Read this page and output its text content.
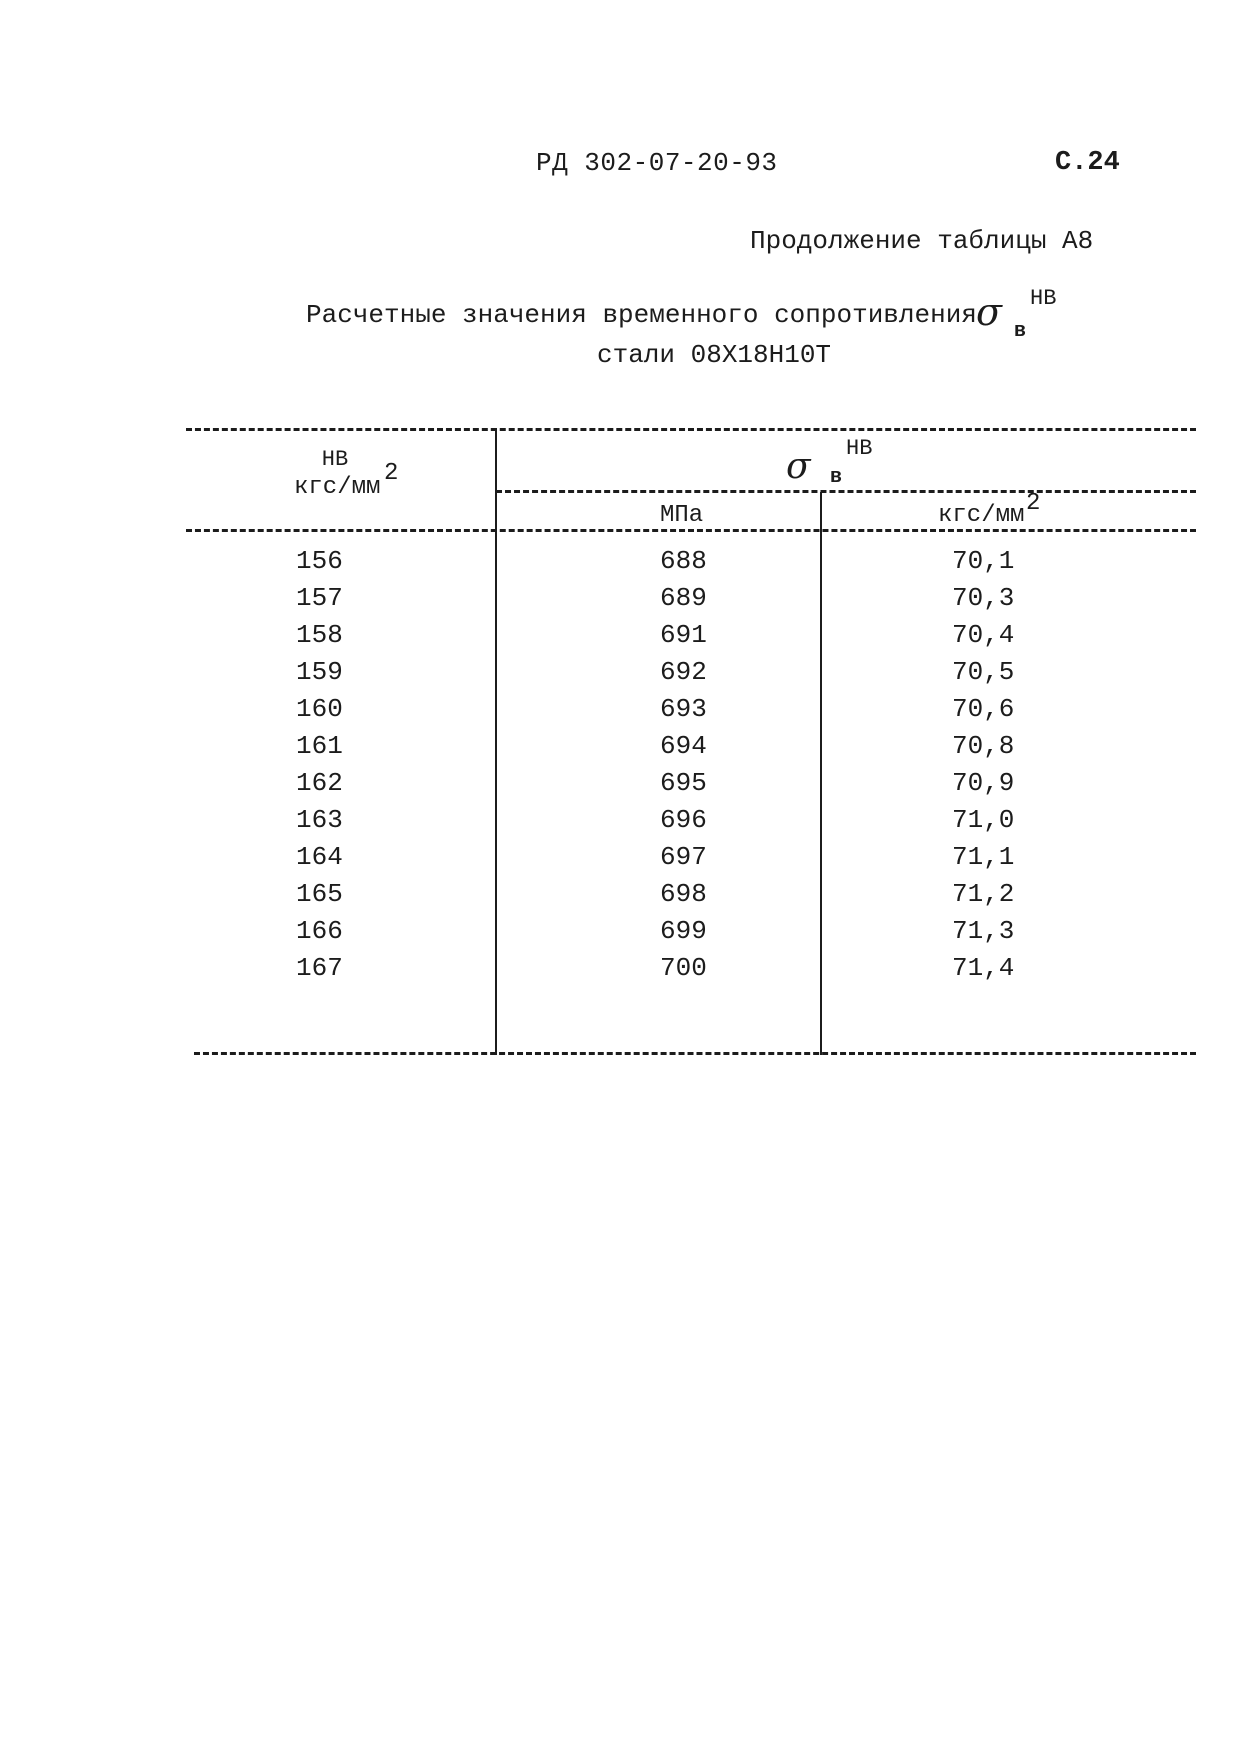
РД 302-07-20-93	С.24
Продолжение таблицы А8
Расчетные значения временного сопротивления σ в
НВ
стали 08Х18Н10Т
НВ
кгс/мм
2	σ в
НВ
МПа	кгс/мм 2
156	688	70,1
157	689	70,3
158	691	70,4
159	692	70,5
160	693	70,6
161	694	70,8
162	695	70,9
163	696	71,0
164	697	71,1
165	698	71,2
166	699	71,3
167	700	71,4
